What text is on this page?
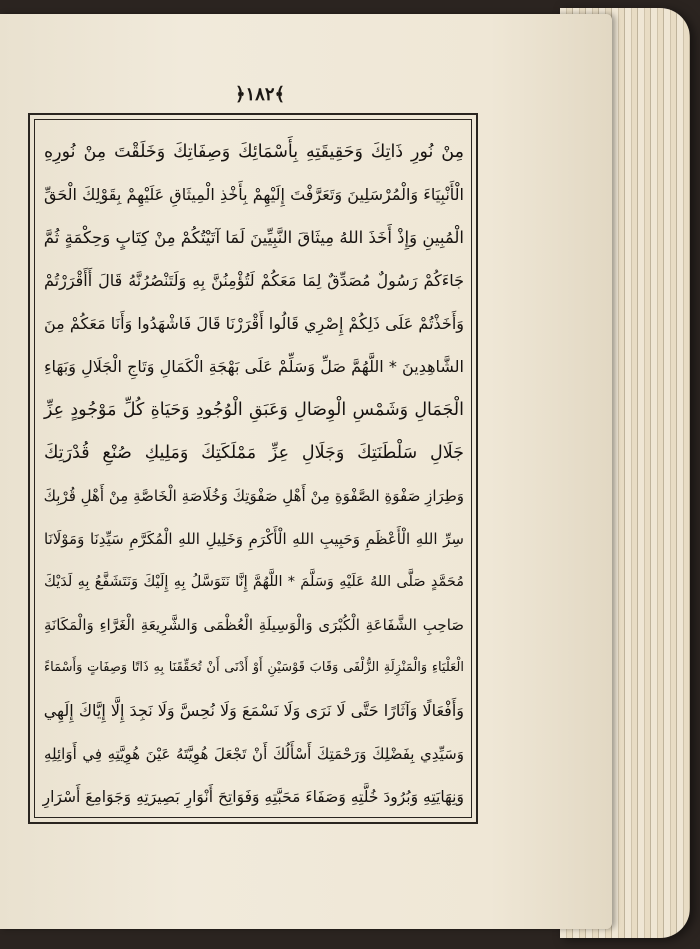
﴿١٨٢﴾
مِنْ نُورِ ذَاتِكَ وَحَقِيقَتِهِ بِأَسْمَائِكَ وَصِفَاتِكَ وَخَلَقْتَ مِنْ نُورِهِ
الْأَنْبِيَاءَ وَالْمُرْسَلِينَ وَتَعَرَّفْتَ إِلَيْهِمْ بِأَخْذِ الْمِيثَاقِ عَلَيْهِمْ بِقَوْلِكَ الْحَقِّ
الْمُبِينِ وَإِذْ أَخَذَ اللهُ مِيثَاقَ النَّبِيِّينَ لَمَا آتَيْتُكُمْ مِنْ كِتَابٍ وَحِكْمَةٍ ثُمَّ
جَاءَكُمْ رَسُولٌ مُصَدِّقٌ لِمَا مَعَكُمْ لَتُؤْمِنُنَّ بِهِ وَلَتَنْصُرُنَّهُ قَالَ أَأَقْرَرْتُمْ
وَأَخَذْتُمْ عَلَى ذَلِكُمْ إِصْرِي قَالُوا أَقْرَرْنَا قَالَ فَاشْهَدُوا وَأَنَا مَعَكُمْ مِنَ
الشَّاهِدِينَ * اللَّهُمَّ صَلِّ وَسَلِّمْ عَلَى بَهْجَةِ الْكَمَالِ وَتَاجِ الْجَلَالِ وَبَهَاءِ
الْجَمَالِ وَشَمْسِ الْوِصَالِ وَعَبَقِ الْوُجُودِ وَحَيَاةِ كُلِّ مَوْجُودٍ عِزِّ
جَلَالِ سَلْطَنَتِكَ وَجَلَالِ عِزِّ مَمْلَكَتِكَ وَمَلِيكِ صُنْعِ قُدْرَتِكَ
وَطِرَازِ صَفْوَةِ الصَّفْوَةِ مِنْ أَهْلِ صَفْوَتِكَ وَخُلَاصَةِ الْخَاصَّةِ مِنْ أَهْلِ قُرْبِكَ
سِرِّ اللهِ الْأَعْظَمِ وَحَبِيبِ اللهِ الْأَكْرَمِ وَخَلِيلِ اللهِ الْمُكَرَّمِ سَيِّدِنَا وَمَوْلَانَا
مُحَمَّدٍ صَلَّى اللهُ عَلَيْهِ وَسَلَّمَ * اللَّهُمَّ إِنَّا نَتَوَسَّلُ بِهِ إِلَيْكَ وَنَتَشَفَّعُ بِهِ لَدَيْكَ
صَاحِبِ الشَّفَاعَةِ الْكُبْرَى وَالْوَسِيلَةِ الْعُظْمَى وَالشَّرِيعَةِ الْغَرَّاءِ وَالْمَكَانَةِ
الْعَلْيَاءِ وَالْمَنْزِلَةِ الزُّلْفَى وَقَابَ قَوْسَيْنِ أَوْ أَدْنَى أَنْ تُحَقِّقَنَا بِهِ ذَاتًا وَصِفَاتٍ وَأَسْمَاءً
وَأَفْعَالًا وَآثَارًا حَتَّى لَا نَرَى وَلَا نَسْمَعَ وَلَا نُحِسَّ وَلَا نَجِدَ إِلَّا إِيَّاكَ إِلَهِي
وَسَيِّدِي بِفَضْلِكَ وَرَحْمَتِكَ أَسْأَلُكَ أَنْ تَجْعَلَ هُوِيَّتَهُ عَيْنَ هُوِيَّتِهِ فِي أَوَائِلِهِ
وَنِهَايَتِهِ وَبُرُودَ خُلَّتِهِ وَصَفَاءَ مَحَبَّتِهِ وَفَوَاتِحَ أَنْوَارِ بَصِيرَتِهِ وَجَوَامِعَ أَسْرَارِ
